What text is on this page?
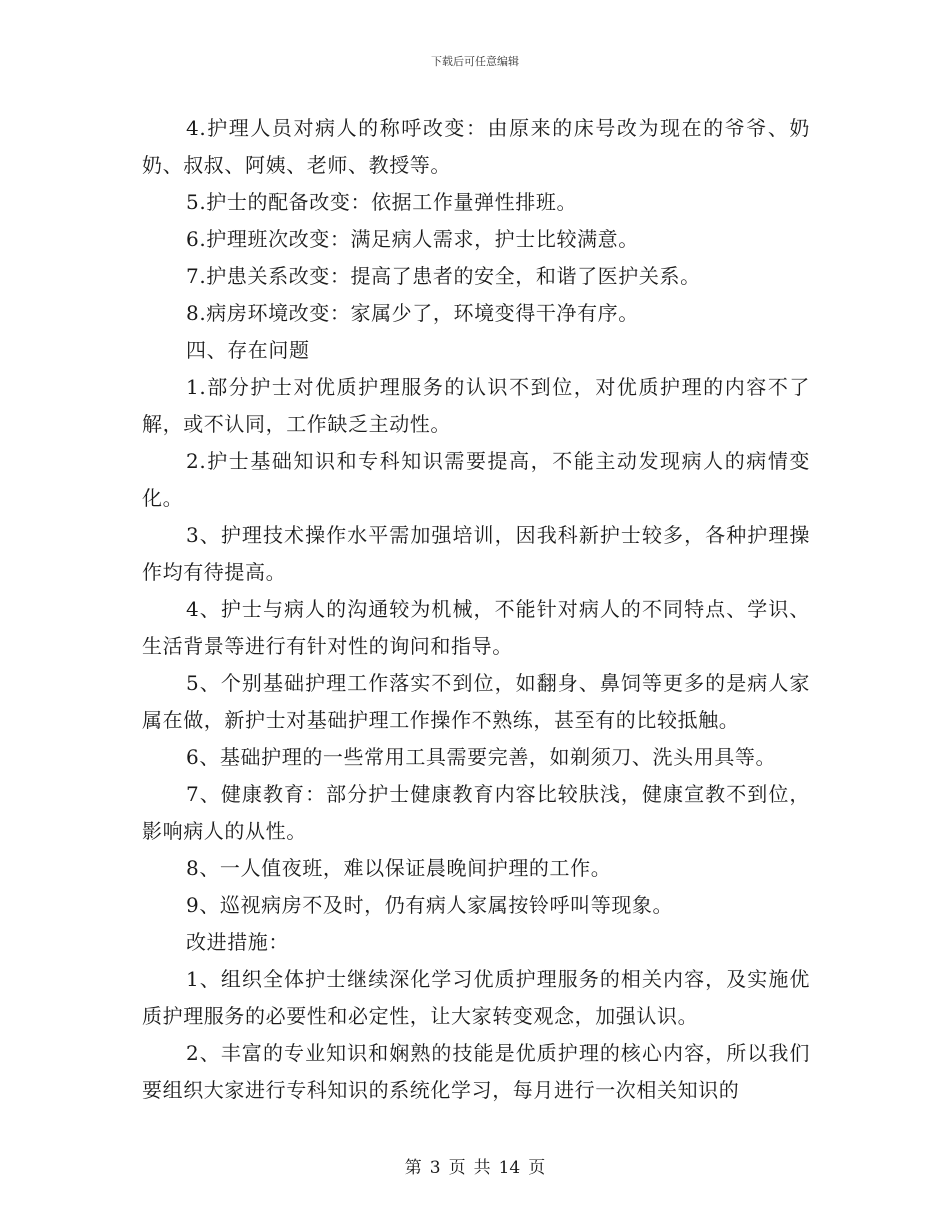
下载后可任意编辑

4.护理人员对病人的称呼改变：由原来的床号改为现在的爷爷、奶奶、叔叔、阿姨、老师、教授等。

5.护士的配备改变：依据工作量弹性排班。

6.护理班次改变：满足病人需求，护士比较满意。

7.护患关系改变：提高了患者的安全，和谐了医护关系。

8.病房环境改变：家属少了，环境变得干净有序。

四、存在问题

1.部分护士对优质护理服务的认识不到位，对优质护理的内容不了解，或不认同，工作缺乏主动性。

2.护士基础知识和专科知识需要提高，不能主动发现病人的病情变化。

3、护理技术操作水平需加强培训，因我科新护士较多，各种护理操作均有待提高。

4、护士与病人的沟通较为机械，不能针对病人的不同特点、学识、生活背景等进行有针对性的询问和指导。

5、个别基础护理工作落实不到位，如翻身、鼻饲等更多的是病人家属在做，新护士对基础护理工作操作不熟练，甚至有的比较抵触。

6、基础护理的一些常用工具需要完善，如剃须刀、洗头用具等。

7、健康教育：部分护士健康教育内容比较肤浅，健康宣教不到位，影响病人的从性。

8、一人值夜班，难以保证晨晚间护理的工作。

9、巡视病房不及时，仍有病人家属按铃呼叫等现象。

改进措施：

1、组织全体护士继续深化学习优质护理服务的相关内容，及实施优质护理服务的必要性和必定性，让大家转变观念，加强认识。

2、丰富的专业知识和娴熟的技能是优质护理的核心内容，所以我们要组织大家进行专科知识的系统化学习，每月进行一次相关知识的

第 3 页 共 14 页
